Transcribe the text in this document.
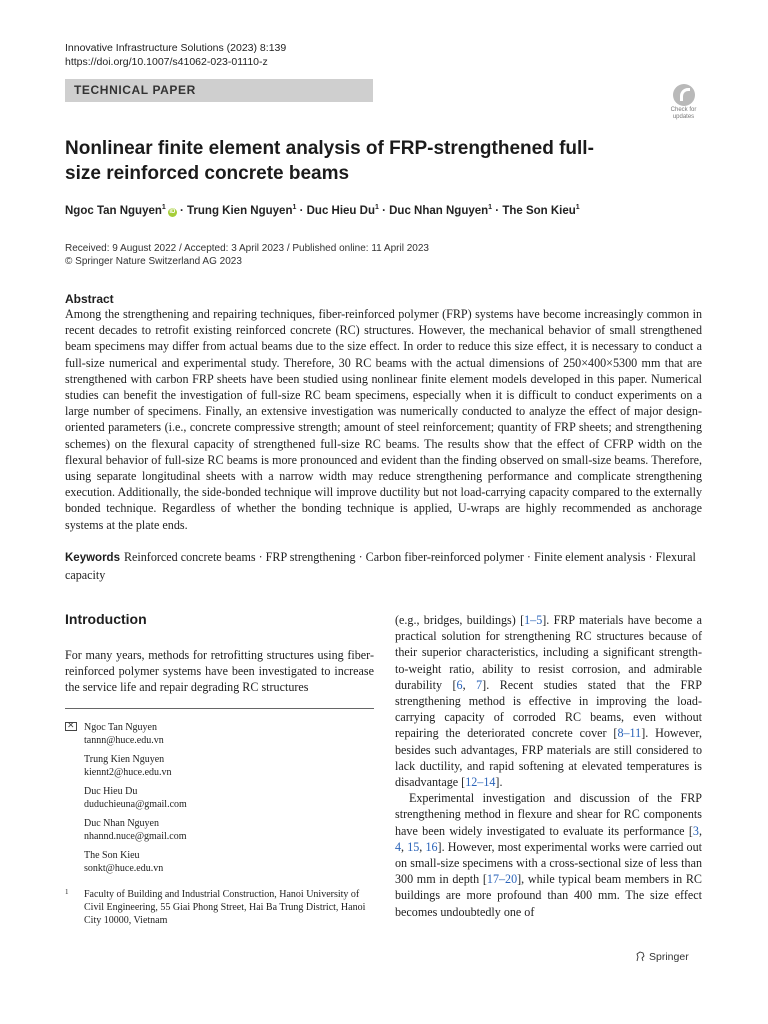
Innovative Infrastructure Solutions (2023) 8:139
https://doi.org/10.1007/s41062-023-01110-z
TECHNICAL PAPER
Check for
updates
Nonlinear finite element analysis of FRP-strengthened full-size reinforced concrete beams
Ngoc Tan Nguyen$^1$iD · Trung Kien Nguyen$^1$ · Duc Hieu $Du^1$ · Duc Nhan Nguyen$^1$ · The Son Kieu$^1$
Received: 9 August 2022 / Accepted: 3 April 2023 / Published online: 11 April 2023
© Springer Nature Switzerland AG 2023
Abstract
Among the strengthening and repairing techniques, fiber-reinforced polymer (FRP) systems have become increasingly common in recent decades to retrofit existing reinforced concrete (RC) structures. However, the mechanical behavior of small strengthened beam specimens may differ from actual beams due to the size effect. In order to reduce this size effect, it is necessary to conduct a full-size numerical and experimental study. Therefore, 30 RC beams with the actual dimensions of 250×400×5300 mm that are strengthened with carbon FRP sheets have been studied using nonlinear finite element models developed in this paper. Numerical studies can benefit the investigation of full-size RC beam specimens, especially when it is difficult to conduct experiments on a large number of specimens. Finally, an extensive investigation was numerically conducted to analyze the effect of major design-oriented parameters (i.e., concrete compressive strength; amount of steel reinforcement; quantity of FRP sheets; and strengthening schemes) on the flexural capacity of strengthened full-size RC beams. The results show that the effect of CFRP width on the flexural behavior of full-size RC beams is more pronounced and evident than the finding observed on small-size beams. Therefore, using separate longitudinal sheets with a narrow width may reduce strengthening performance and complicate strengthening execution. Additionally, the side-bonded technique will improve ductility but not load-carrying capacity compared to the externally bonded technique. Regardless of whether the bonding technique is applied, U-wraps are highly recommended as anchorage systems at the plate ends.
Keywords Reinforced concrete beams · FRP strengthening · Carbon fiber-reinforced polymer · Finite element analysis · Flexural capacity
Introduction
For many years, methods for retrofitting structures using fiber-reinforced polymer systems have been investigated to increase the service life and repair degrading RC structures
✕
Ngoc Tan Nguyen
tannn@huce.edu.vn
Trung Kien Nguyen
kiennt2@huce.edu.vn
Duc Hieu Du
duduchieuna@gmail.com
Duc Nhan Nguyen
nhannd.nuce@gmail.com
The Son Kieu
sonkt@huce.edu.vn
1 Faculty of Building and Industrial Construction, Hanoi University of Civil Engineering, 55 Giai Phong Street, Hai Ba Trung District, Hanoi City 10000, Vietnam

(e.g., bridges, buildings) [1–5]. FRP materials have become a practical solution for strengthening RC structures because of their superior characteristics, including a significant strength-to-weight ratio, ability to resist corrosion, and admirable durability [6, 7]. Recent studies stated that the FRP strengthening method is effective in improving the load-carrying capacity of corroded RC beams, even without repairing the deteriorated concrete cover [8–11]. However, besides such advantages, FRP materials are still considered to lack ductility, and rapid softening at elevated temperatures is disadvantage [12–14].

Experimental investigation and discussion of the FRP strengthening method in flexure and shear for RC components have been widely investigated to evaluate its performance [3, 4, 15, 16]. However, most experimental works were carried out on small-size specimens with a cross-sectional size of less than 300 mm in depth [17–20], while typical beam members in RC buildings are more profound than 400 mm. The size effect becomes undoubtedly one of

Springer
